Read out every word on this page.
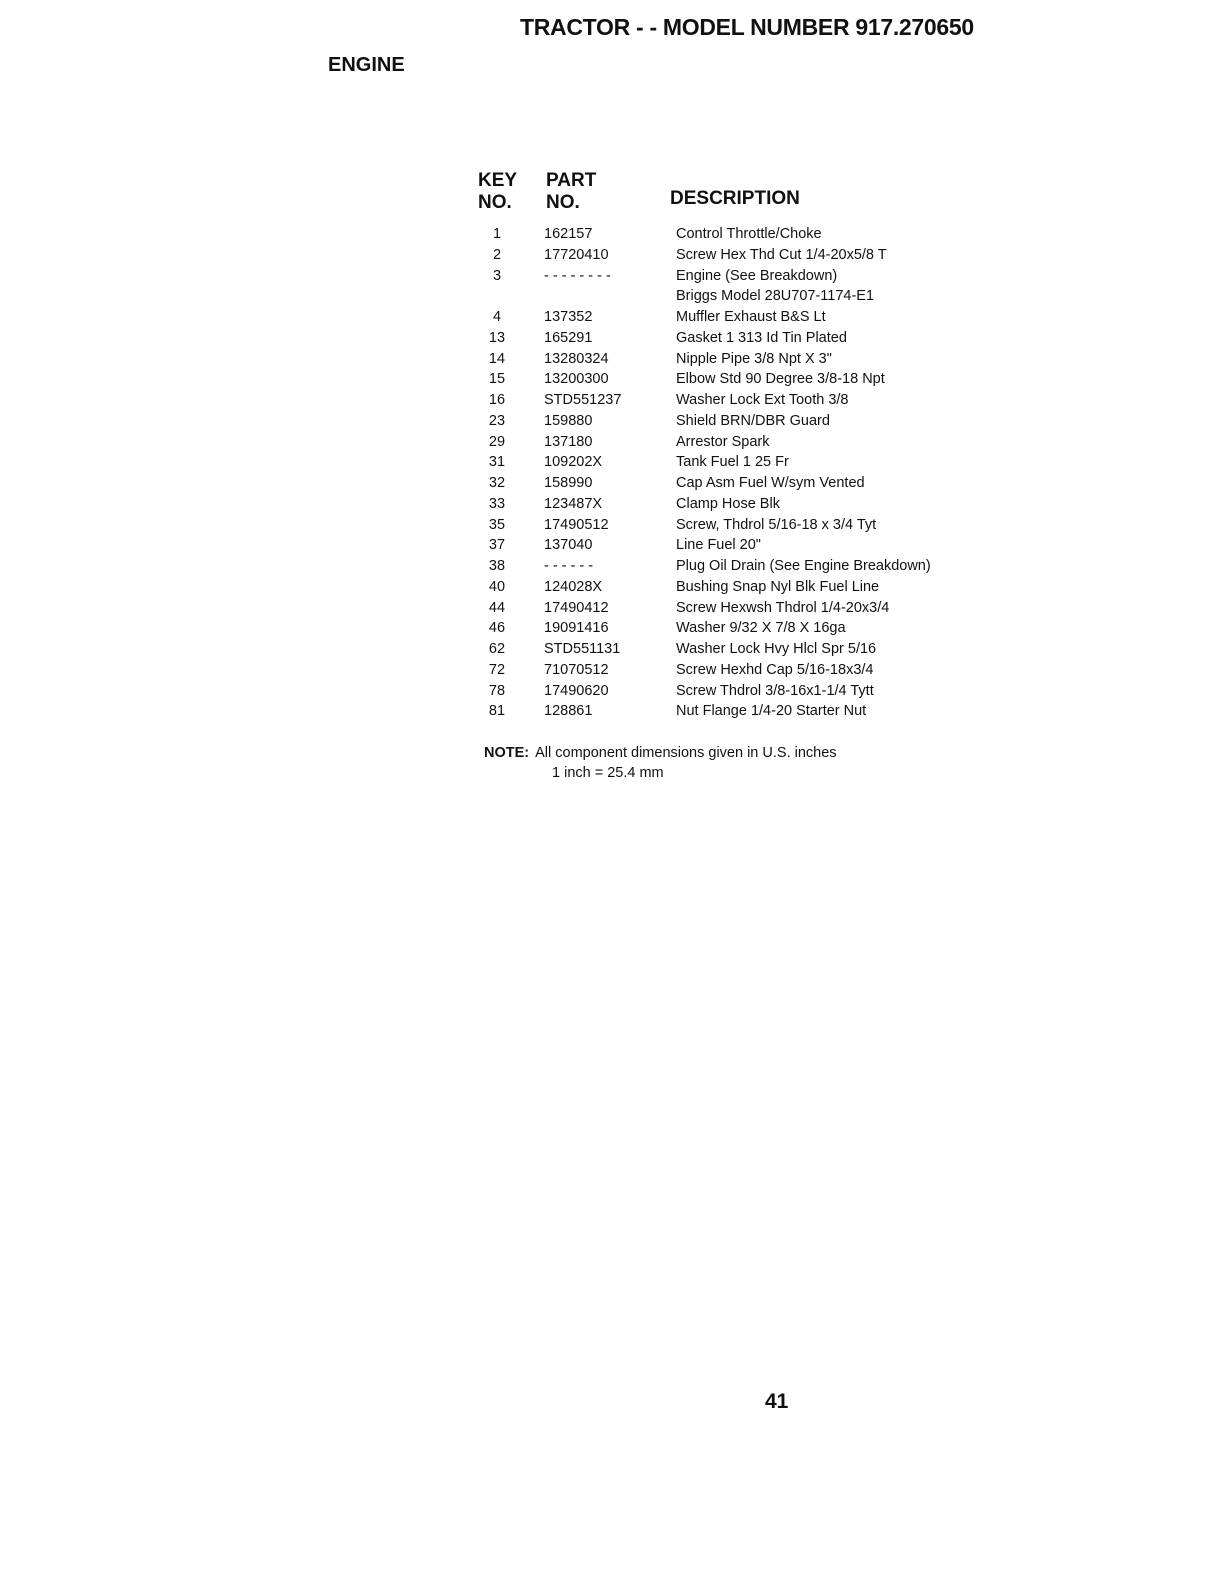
TRACTOR - - MODEL NUMBER 917.270650
ENGINE
KEY
NO.
PART
NO.	DESCRIPTION
1	162157	Control Throttle/Choke
2	17720410	Screw Hex Thd Cut 1/4-20x5/8 T
3	- - - - - - - -	Engine (See Breakdown)
Briggs Model 28U707-1174-E1
4	137352	Muffler Exhaust B&S Lt
13	165291	Gasket 1 313 Id Tin Plated
14	13280324	Nipple Pipe 3/8 Npt X 3"
15	13200300	Elbow Std 90 Degree 3/8-18 Npt
16	STD551237	Washer Lock Ext Tooth 3/8
23	159880	Shield BRN/DBR Guard
29	137180	Arrestor Spark
31	109202X	Tank Fuel 1 25 Fr
32	158990	Cap Asm Fuel W/sym Vented
33	123487X	Clamp Hose Blk
35	17490512	Screw, Thdrol 5/16-18 x 3/4 Tyt
37	137040	Line Fuel 20"
38	- - - - - -	Plug Oil Drain (See Engine Breakdown)
40	124028X	Bushing Snap Nyl Blk Fuel Line
44	17490412	Screw Hexwsh Thdrol 1/4-20x3/4
46	19091416	Washer 9/32 X 7/8 X 16ga
62	STD551131	Washer Lock Hvy Hlcl Spr 5/16
72	71070512	Screw Hexhd Cap 5/16-18x3/4
78	17490620	Screw Thdrol 3/8-16x1-1/4 Tytt
81	128861	Nut Flange 1/4-20 Starter Nut
NOTE: All component dimensions given in U.S. inches
1 inch = 25.4 mm
41
